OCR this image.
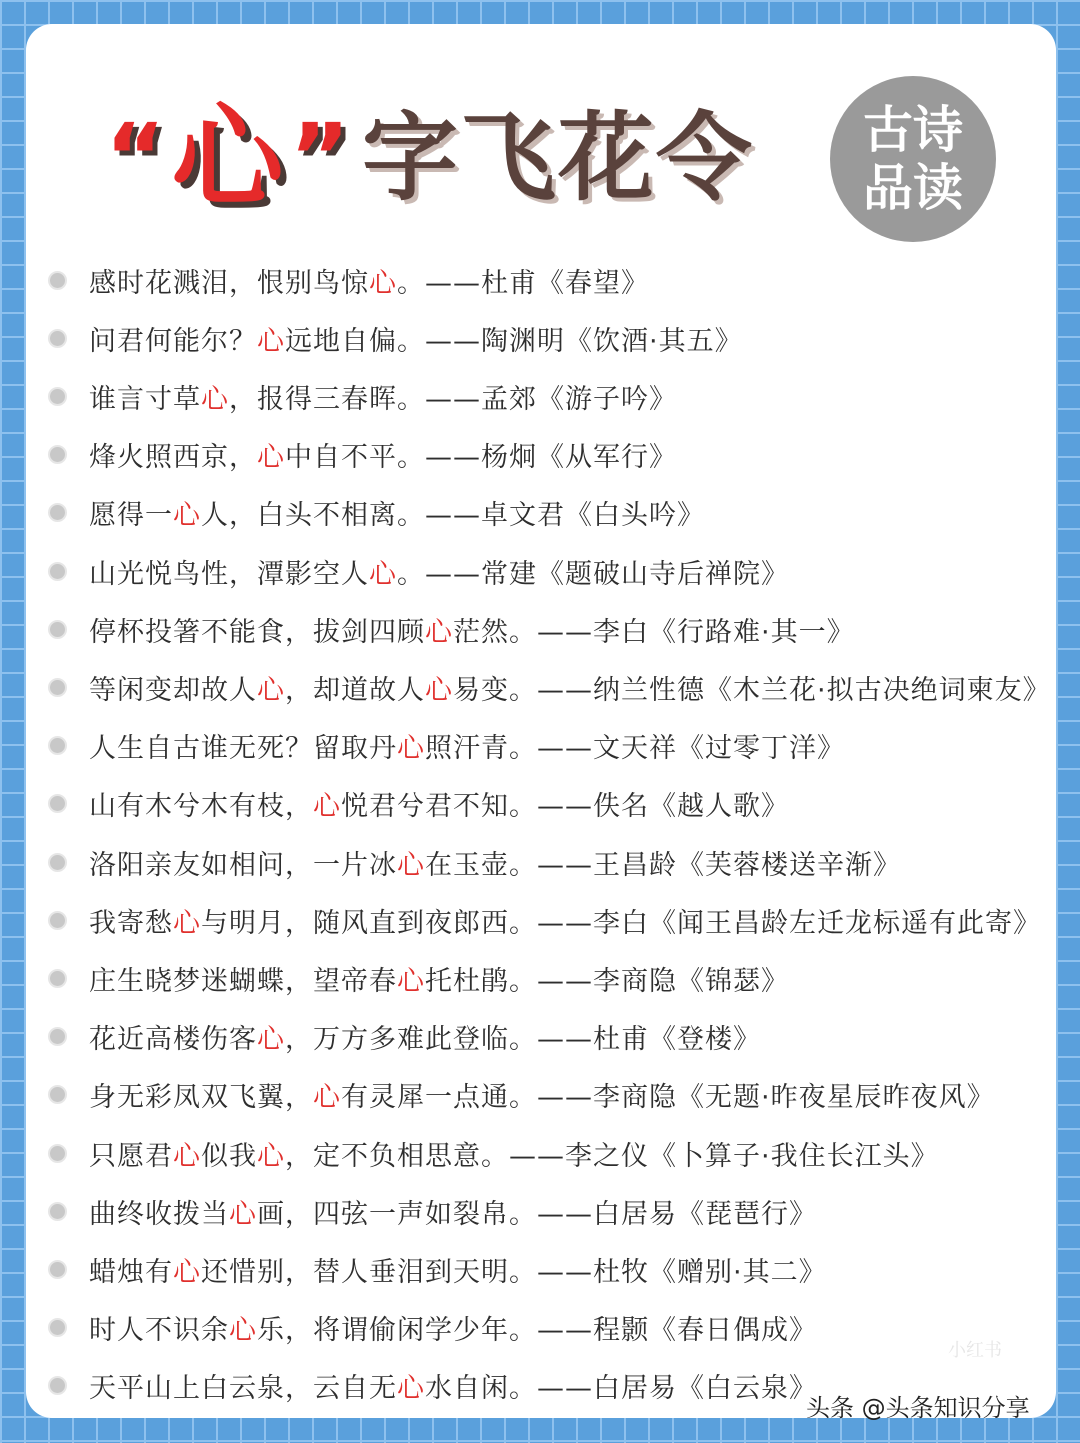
“ 心 ” 字飞花令 古诗
品读
感时花溅泪，恨别鸟惊心。——杜甫《春望》
问君何能尔？心远地自偏。——陶渊明《饮酒·其五》
谁言寸草心，报得三春晖。——孟郊《游子吟》
烽火照西京，心中自不平。——杨炯《从军行》
愿得一心人，白头不相离。——卓文君《白头吟》
山光悦鸟性，潭影空人心。——常建《题破山寺后禅院》
停杯投箸不能食，拔剑四顾心茫然。——李白《行路难·其一》
等闲变却故人心，却道故人心易变。——纳兰性德《木兰花·拟古决绝词柬友》
人生自古谁无死？留取丹心照汗青。——文天祥《过零丁洋》
山有木兮木有枝，心悦君兮君不知。——佚名《越人歌》
洛阳亲友如相问，一片冰心在玉壶。——王昌龄《芙蓉楼送辛渐》
我寄愁心与明月，随风直到夜郎西。——李白《闻王昌龄左迁龙标遥有此寄》
庄生晓梦迷蝴蝶，望帝春心托杜鹃。——李商隐《锦瑟》
花近高楼伤客心，万方多难此登临。——杜甫《登楼》
身无彩凤双飞翼，心有灵犀一点通。——李商隐《无题·昨夜星辰昨夜风》
只愿君心似我心，定不负相思意。——李之仪《卜算子·我住长江头》
曲终收拨当心画，四弦一声如裂帛。——白居易《琵琶行》
蜡烛有心还惜别，替人垂泪到天明。——杜牧《赠别·其二》
时人不识余心乐，将谓偷闲学少年。——程颢《春日偶成》
天平山上白云泉，云自无心水自闲。——白居易《白云泉》
小红书
头条 @头条知识分享
